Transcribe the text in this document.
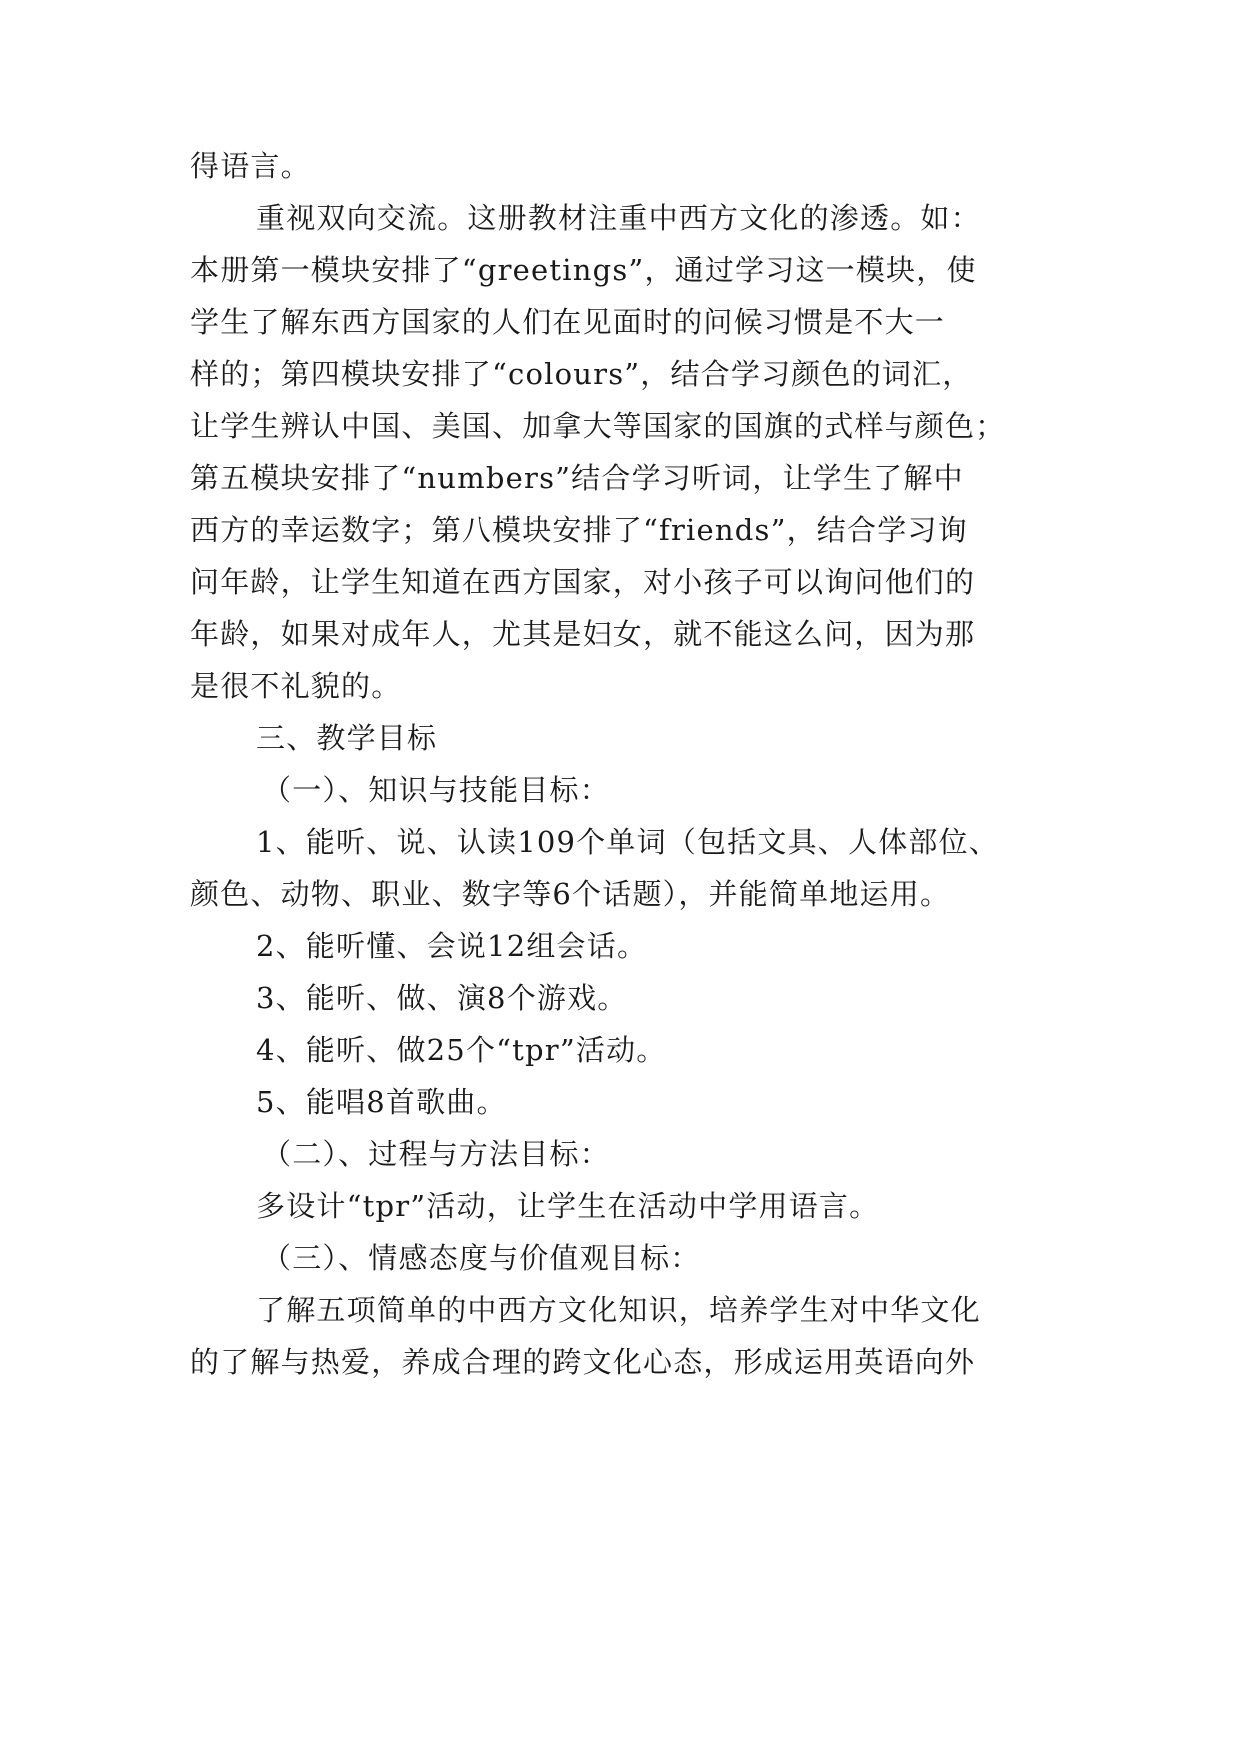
得语言。
重视双向交流。这册教材注重中西方文化的渗透。如：
本册第一模块安排了“greetings”，通过学习这一模块，使
学生了解东西方国家的人们在见面时的问候习惯是不大一
样的；第四模块安排了“colours”，结合学习颜色的词汇，
让学生辨认中国、美国、加拿大等国家的国旗的式样与颜色；
第五模块安排了“numbers”结合学习听词，让学生了解中
西方的幸运数字；第八模块安排了“friends”，结合学习询
问年龄，让学生知道在西方国家，对小孩子可以询问他们的
年龄，如果对成年人，尤其是妇女，就不能这么问，因为那
是很不礼貌的。
三、教学目标
（一）、知识与技能目标：
1、能听、说、认读109个单词（包括文具、人体部位、
颜色、动物、职业、数字等6个话题），并能简单地运用。
2、能听懂、会说12组会话。
3、能听、做、演8个游戏。
4、能听、做25个“tpr”活动。
5、能唱8首歌曲。
（二）、过程与方法目标：
多设计“tpr”活动，让学生在活动中学用语言。
（三）、情感态度与价值观目标：
了解五项简单的中西方文化知识，培养学生对中华文化
的了解与热爱，养成合理的跨文化心态，形成运用英语向外
